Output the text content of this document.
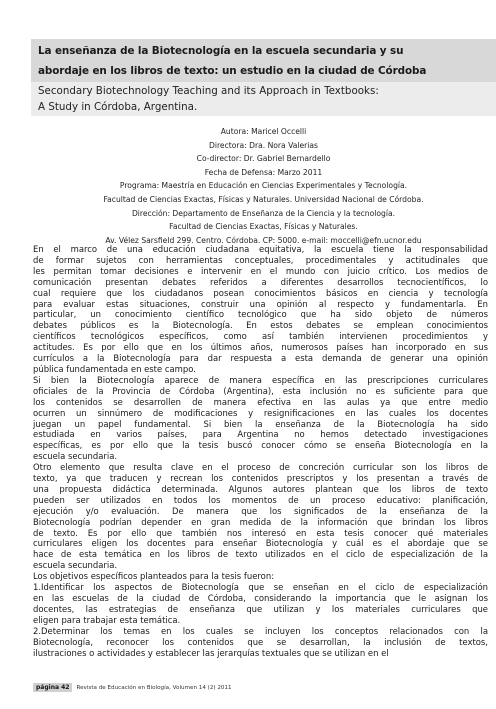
La enseñanza de la Biotecnología en la escuela secundaria y su
abordaje en los libros de texto: un estudio en la ciudad de Córdoba
Secondary Biotechnology Teaching and its Approach in Textbooks:
A Study in Córdoba, Argentina.
Autora: Maricel Occelli
Directora: Dra. Nora Valerias
Co-director: Dr. Gabriel Bernardello
Fecha de Defensa: Marzo 2011
Programa: Maestría en Educación en Ciencias Experimentales y Tecnología.
Facultad de Ciencias Exactas, Físicas y Naturales. Universidad Nacional de Córdoba.
Dirección: Departamento de Enseñanza de la Ciencia y la tecnología.
Facultad de Ciencias Exactas, Físicas y Naturales.
Av. Vélez Sarsfield 299. Centro. Córdoba. CP: 5000. e-mail: moccelli@efn.ucnor.edu
En el marco de una educación ciudadana equitativa, la escuela tiene la responsabilidad
de formar sujetos con herramientas conceptuales, procedimentales y actitudinales que
les permitan tomar decisiones e intervenir en el mundo con juicio crítico. Los medios de
comunicación presentan debates referidos a diferentes desarrollos tecnocientíficos, lo
cual requiere que los ciudadanos posean conocimientos básicos en ciencia y tecnología
para evaluar estas situaciones, construir una opinión al respecto y fundamentarla. En
particular, un conocimiento científico tecnológico que ha sido objeto de números
debates públicos es la Biotecnología. En estos debates se emplean conocimientos
científicos tecnológicos específicos, como así también intervienen procedimientos y
actitudes. Es por ello que en los últimos años, numerosos países han incorporado en sus
currículos a la Biotecnología para dar respuesta a esta demanda de generar una opinión
pública fundamentada en este campo.
Si bien la Biotecnología aparece de manera específica en las prescripciones curriculares
oficiales de la Provincia de Córdoba (Argentina), esta inclusión no es suficiente para que
los contenidos se desarrollen de manera efectiva en las aulas ya que entre medio
ocurren un sinnúmero de modificaciones y resignificaciones en las cuales los docentes
juegan un papel fundamental. Si bien la enseñanza de la Biotecnología ha sido
estudiada en varios países, para Argentina no hemos detectado investigaciones
específicas, es por ello que la tesis buscó conocer cómo se enseña Biotecnología en la
escuela secundaria.
Otro elemento que resulta clave en el proceso de concreción curricular son los libros de
texto, ya que traducen y recrean los contenidos prescriptos y los presentan a través de
una propuesta didáctica determinada. Algunos autores plantean que los libros de texto
pueden ser utilizados en todos los momentos de un proceso educativo: planificación,
ejecución y/o evaluación. De manera que los significados de la enseñanza de la
Biotecnología podrían depender en gran medida de la información que brindan los libros
de texto. Es por ello que también nos interesó en esta tesis conocer qué materiales
curriculares eligen los docentes para enseñar Biotecnología y cuál es el abordaje que se
hace de esta temática en los libros de texto utilizados en el ciclo de especialización de la
escuela secundaria.
Los objetivos específicos planteados para la tesis fueron:
1.Identificar los aspectos de Biotecnología que se enseñan en el ciclo de especialización
en las escuelas de la ciudad de Córdoba, considerando la importancia que le asignan los
docentes, las estrategias de enseñanza que utilizan y los materiales curriculares que
eligen para trabajar esta temática.
2.Determinar los temas en los cuales se incluyen los conceptos relacionados con la
Biotecnología, reconocer los contenidos que se desarrollan, la inclusión de textos,
ilustraciones o actividades y establecer las jerarquías textuales que se utilizan en el
página 42 Revista de Educación en Biología, Volumen 14 (2) 2011
